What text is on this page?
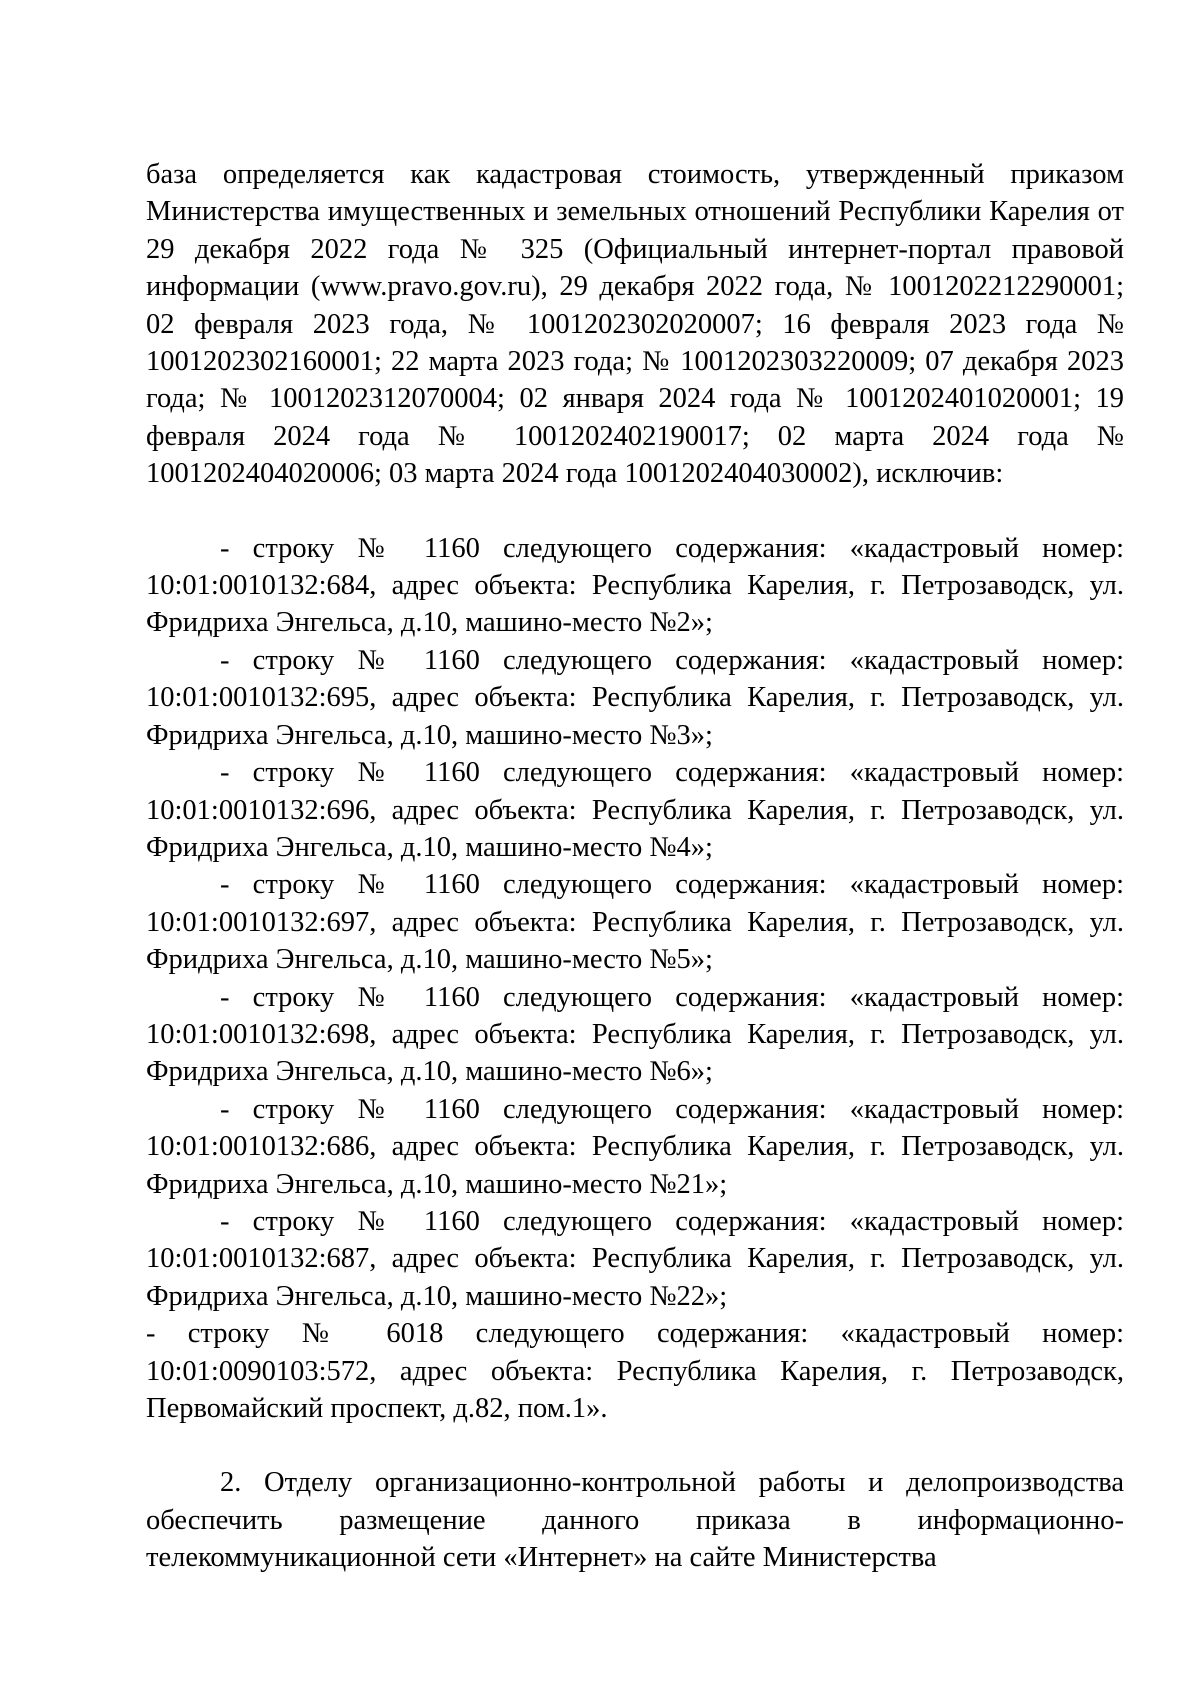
база определяется как кадастровая стоимость, утвержденный приказом Министерства имущественных и земельных отношений Республики Карелия от 29 декабря 2022 года № 325 (Официальный интернет-портал правовой информации (www.pravo.gov.ru), 29 декабря 2022 года, № 1001202212290001; 02 февраля 2023 года, № 1001202302020007; 16 февраля 2023 года № 1001202302160001; 22 марта 2023 года; № 1001202303220009; 07 декабря 2023 года; № 1001202312070004; 02 января 2024 года № 1001202401020001; 19 февраля 2024 года № 1001202402190017; 02 марта 2024 года № 1001202404020006; 03 марта 2024 года 1001202404030002), исключив:

- строку № 1160 следующего содержания: «кадастровый номер: 10:01:0010132:684, адрес объекта: Республика Карелия, г. Петрозаводск, ул. Фридриха Энгельса, д.10, машино-место №2»;

- строку № 1160 следующего содержания: «кадастровый номер: 10:01:0010132:695, адрес объекта: Республика Карелия, г. Петрозаводск, ул. Фридриха Энгельса, д.10, машино-место №3»;

- строку № 1160 следующего содержания: «кадастровый номер: 10:01:0010132:696, адрес объекта: Республика Карелия, г. Петрозаводск, ул. Фридриха Энгельса, д.10, машино-место №4»;

- строку № 1160 следующего содержания: «кадастровый номер: 10:01:0010132:697, адрес объекта: Республика Карелия, г. Петрозаводск, ул. Фридриха Энгельса, д.10, машино-место №5»;

- строку № 1160 следующего содержания: «кадастровый номер: 10:01:0010132:698, адрес объекта: Республика Карелия, г. Петрозаводск, ул. Фридриха Энгельса, д.10, машино-место №6»;

- строку № 1160 следующего содержания: «кадастровый номер: 10:01:0010132:686, адрес объекта: Республика Карелия, г. Петрозаводск, ул. Фридриха Энгельса, д.10, машино-место №21»;

- строку № 1160 следующего содержания: «кадастровый номер: 10:01:0010132:687, адрес объекта: Республика Карелия, г. Петрозаводск, ул. Фридриха Энгельса, д.10, машино-место №22»;

- строку № 6018 следующего содержания: «кадастровый номер: 10:01:0090103:572, адрес объекта: Республика Карелия, г. Петрозаводск, Первомайский проспект, д.82, пом.1».

2. Отделу организационно-контрольной работы и делопроизводства обеспечить размещение данного приказа в информационно-телекоммуникационной сети «Интернет» на сайте Министерства
